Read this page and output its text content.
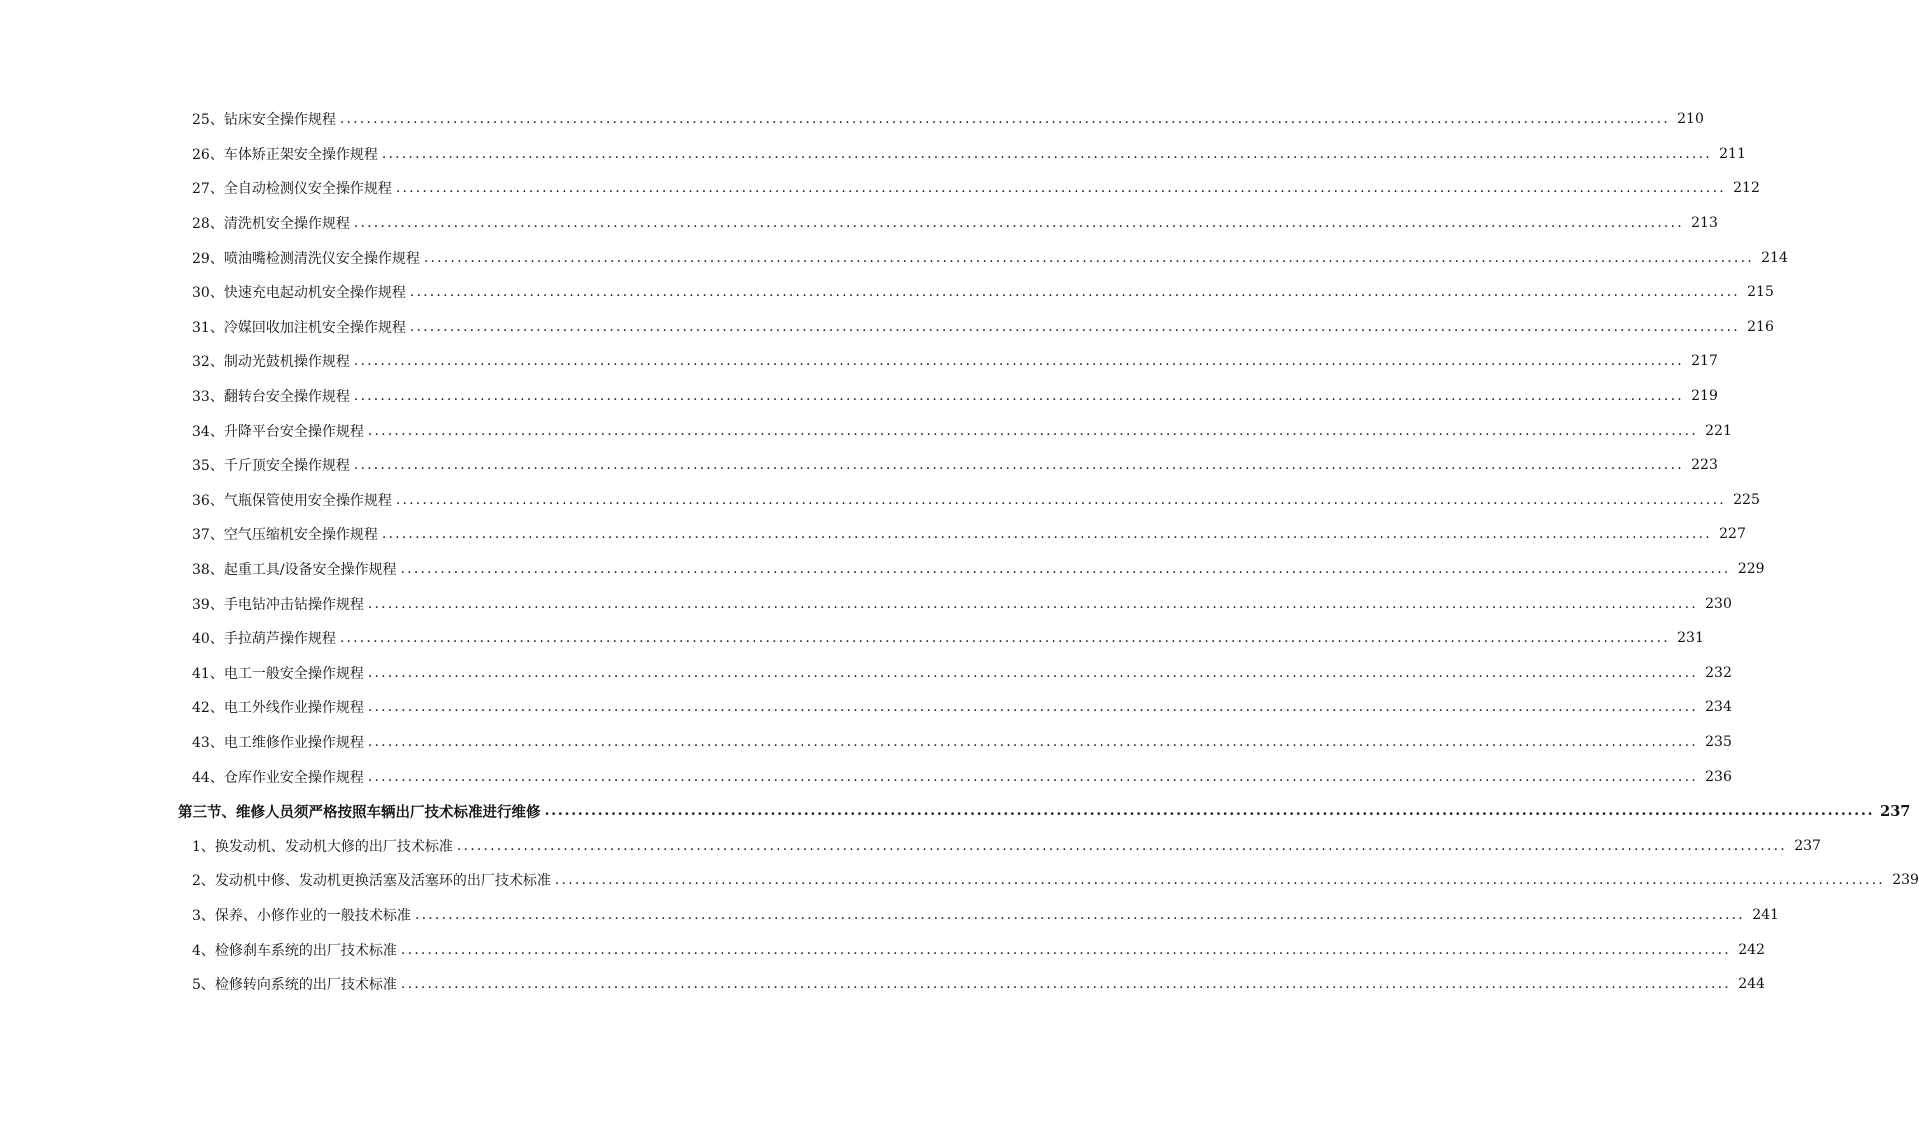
25、钻床安全操作规程 ........................................................................................................................................................................................................ 210
26、车体矫正架安全操作规程 ........................................................................................................................................................................................................ 211
27、全自动检测仪安全操作规程 ........................................................................................................................................................................................................ 212
28、清洗机安全操作规程 ........................................................................................................................................................................................................ 213
29、喷油嘴检测清洗仪安全操作规程 ........................................................................................................................................................................................................ 214
30、快速充电起动机安全操作规程 ........................................................................................................................................................................................................ 215
31、冷媒回收加注机安全操作规程 ........................................................................................................................................................................................................ 216
32、制动光鼓机操作规程 ........................................................................................................................................................................................................ 217
33、翻转台安全操作规程 ........................................................................................................................................................................................................ 219
34、升降平台安全操作规程 ........................................................................................................................................................................................................ 221
35、千斤顶安全操作规程 ........................................................................................................................................................................................................ 223
36、气瓶保管使用安全操作规程 ........................................................................................................................................................................................................ 225
37、空气压缩机安全操作规程 ........................................................................................................................................................................................................ 227
38、起重工具/设备安全操作规程 ........................................................................................................................................................................................................ 229
39、手电钻冲击钻操作规程 ........................................................................................................................................................................................................ 230
40、手拉葫芦操作规程 ........................................................................................................................................................................................................ 231
41、电工一般安全操作规程 ........................................................................................................................................................................................................ 232
42、电工外线作业操作规程 ........................................................................................................................................................................................................ 234
43、电工维修作业操作规程 ........................................................................................................................................................................................................ 235
44、仓库作业安全操作规程 ........................................................................................................................................................................................................ 236
第三节、维修人员须严格按照车辆出厂技术标准进行维修 ........................................................................................................................................................................................................ 237
1、换发动机、发动机大修的出厂技术标准 ........................................................................................................................................................................................................ 237
2、发动机中修、发动机更换活塞及活塞环的出厂技术标准 ........................................................................................................................................................................................................ 239
3、保养、小修作业的一般技术标准 ........................................................................................................................................................................................................ 241
4、检修刹车系统的出厂技术标准 ........................................................................................................................................................................................................ 242
5、检修转向系统的出厂技术标准 ........................................................................................................................................................................................................ 244
